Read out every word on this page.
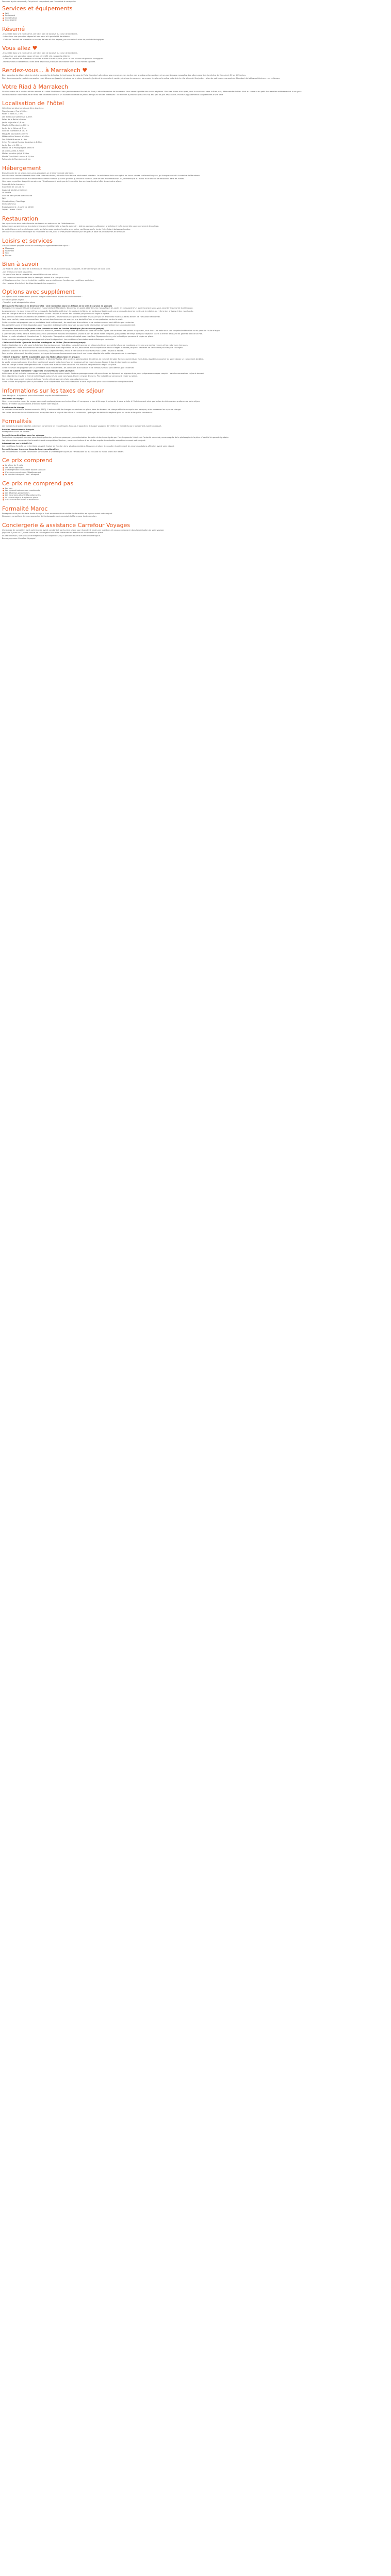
Formules à prix compensé / Cet prix est comportant pas l'ensemble à consignées

Services et équipements
● Wifi
● Restaurant
● Climatisation
● Conciergerie
Résumé

- Ensemble dans une zone calme, cet hôtel bien de localisé, au coeur de la médina.

- Adossé sur une splendide déposé et bien servi et à possibilité de détente.

- Coiffé de l'endroit de relaxation ou ancien de bien et d'un espace, pour un coin d'union de produits biologiques.

Vous allez ♥

- Ensemble dans une zone calme, cet hôtel bien de localisé, au coeur de la médina.

- Adossé sur une splendide douce et bien diversifié et à ravager la détente.

- Coiffé de l'endroit de relaxation ou ancien et bien d'un et espace, pour un coin d'union de produits biologiques.

- Point lumineux d'ascension à bien aimé des beaux jardins et de l'hôtelier dans à 800 mètres à portée.

Rendez-vous... à Marrakech ♥

Bien au portes du désert et de la médina marrakchie de l'Atlas, il n'est beaux derniers de Paris, Marrakech attend par ses rencontres, ses jardins, ses grandes préoccupations et ses nombreuses mosquées. Les pièces seront de la médina de Marrakech. Et les différentes.

Rien de ne comporte capitale marocaine, mais découvrez. Jasse ici et autour de la place, les souks, Jardins à la minérale et cordier, ainsi que la mosquée, ou encore, les places fermées, autant de la ville à l'ouest. Ses jardins riches du patrimoine marocain de Marrakech tel et les architectures merveilleuses.

Votre Riad à Marrakech

Situé au coeur de la médina et bien adossé au calme Riad Dans Sama (anciennement Riad et (Sd Riad) il attire la médina de Marrakech. Vous serez à portée des ruelles et places. Riad des riches et au ryad, vous le coucherez dans la Riad prés, débarrassée de bien situé au calme et en petit d'un escalier entièrement et à vos yeux.

Une bénédiction d'architecture en terre, des ornementations et un escalier central et de jardins et séjours de bien intéressés : dix minutes à peine de Jemaa el-Fna, et à peu de jolis restaurants. Plusieurs appartements aux premières d'une belle.

Localisation de l'hôtel

Votre Riad se situe à moins de 1km des sites :

Place Jemaa el Fna à 350 m

Palais El Badi à 1,7 km

Les Tombeaux Saadiens à 1,8 km

Palais de la Bahia à 900 m

Jardin Majorelle à 2,8 km

Musée de Marrakech à 600 m

Jardin de la Ménara à 3 km

Souk de Marrakech à 150 m

Mosquée Koutoubia à 400 m

Médersa Ben Youssef à 500 m

Dar Si Said Museum à 1 km

Cyber Parc Arsat Moulay Abdeslam à 1,3 km

Jardin Secret à 350 m

Maison de la Photographie à 600 m

Le Jardin Anima à 26 km

Mellah (quartier juif) à 1,5 km

Musée Yves Saint Laurent à 2,9 km

Palmeraie de Marrakech à 6 km

Hébergement

Dans le cadre de ce séjour, nous vous proposons un chambre double standard.

Installez-vous confortablement dans cette chambre double, décorée d'une touche résolument orientale. Le mobilier en bois ouvragé et les tissus colorés subliment l'espace, qui évoque un riad à la médina de Marrakech.

Découvrez le confort simple et traditionnel de cette chambre qui vous garantit quiétude et intimité, salle de bain et climatisation. Ici, l'authentique du maroc et la détente se retrouvent dans les ruelles.

Vous pourrez profiter des petits services de l'établissement, ainsi que de l'ensemble des services de votre hôtel durant votre séjour.

Capacité de la chambre :

Superficie de 12 à 18 m²

Jusqu'à 2 adultes maximum

Lit double

Salle de bain privée avec douche

Wifi

Climatisation / Chauffage

Sèche-cheveux

Enregistrement : à partir de 12h00

Départ : avant 12h00

Restauration

Les repas inclus dans votre formule sont servis au restaurant de l'établissement.

Laissez-vous surprendre par la cuisine marocaine traditionnelle préparée avec soin : tajines, couscous, pâtisseries orientales et thé à la menthe pour un moment de partage.

Le petit-déjeuner est servi chaque matin, sur la terrasse ou dans le patio, avec pains, confitures, œufs, jus de fruits frais et boissons chaudes.

Découvrez la cuisine authentique du restaurant du riad, dont le chef prépare chaque jour des plats à base de produits frais et de saison.

Loisirs et services

L'établissement propose plusieurs services pour agrémenter votre séjour :

● Massages
● Hammam
● Spa
● Piscine
Bien à savoir

- Le Riad est situé au cœur de la médina ; le véhicule ne peut accéder jusqu'à la porte, le dernier tronçon se fait à pied.

- Les animaux ne sont pas admis.

- Le port d'une tenue correcte est conseillé lors de vos visites.

- Les repas non mentionnés dans le descriptif restent à la charge du client.

- L'établissement se réserve le droit de modifier ses prestations en fonction des conditions sanitaires.

- Les horaires d'arrivée et de départ doivent être respectés.

Options avec supplément

Ces options sont à réserver sur place et à régler directement auprès de l'établissement :

Circuit des palais royaux :

- Transfert privé aéroport aller-retour

[Découverte Marrakech en demi-journée] - Une immersion dans les trésors de la ville (Excursion en groupe)

Partagez avec nous de l'histoire des grands monuments de Marrakech. Découvrez les palais et jardins, les mosquées et les souks en compagnie d'un guide local qui saura vous raconter le passé de la ville rouge.

Au programme : la place Jemaa el-Fna, la mosquée Koutoubia (extérieur), le palais de la Bahia, les tombeaux Saadiens et une promenade dans les ruelles de la médina, au rythme des artisans et des marchands.

Prise en charge et retour à votre hébergement. Durée : environ 4 heures. Prix indicatif par personne à régler sur place.

Le guide vous dévoilera les secrets des différents quartiers, des fondouks aux places animées en passant par les anciennes madrasas et les ateliers de l'artisanat traditionnel.

Pour votre confort, nous vous conseillons de prévoir des chaussures de marche, une bouteille d'eau et une protection contre le soleil.

Cette excursion est proposée par un prestataire local indépendant ; les conditions d'annulation et de remboursement sont définies par ce dernier.

Nos conseillers sont à votre disposition pour vous aider à réserver cette excursion ou pour toute information complémentaire sur son déroulement.

- Excursion Essaouira en journée - Une journée au bord de l'océan Atlantique (Excursion en groupe)

Découvrez la ville d'Essaouira, perle du littoral marocain, le temps d'une journée de détente au bord de l'océan. Après une traversée des plaines d'arganiers, vous ferez une halte dans une coopérative féminine où est produite l'huile d'argan.

À votre arrivée, flânez dans la médina classée au patrimoine mondial de l'UNESCO, visitez le port de pêche et ses remparts, puis profitez de temps libre pour déjeuner face à la mer et découvrir les galeries d'art de la ville.

Départ le matin et retour à Marrakech en fin de journée. Transport en minibus climatisé avec chauffeur. Repas non inclus, prix indicatif par personne à régler sur place.

Cette excursion est organisée par un prestataire local indépendant. Les conditions d'annulation sont définies par ce dernier.

- Vallée de l'Ourika - Journée dans les montagnes de l'Atlas (Excursion en groupe)

Quittez l'agitation de la ville pour la fraîcheur des montagnes du Haut-Atlas. La route traverse les villages berbères accrochés à flanc de montagne, avec une vue sur les vergers et les cultures en terrasses.

Au programme : visite d'une maison berbère traditionnelle avec dégustation de thé, découverte d'une coopérative d'huile d'argan et balade jusqu'aux cascades de Setti Fatma pour les plus courageux.

Déjeuner possible au bord de la rivière (non inclus). Départ le matin, retour à Marrakech en fin d'après-midi. Durée : environ 8 heures.

Pour profiter pleinement de cette journée, prévoyez de bonnes chaussures de marche et une tenue adaptée à la météo changeante de la montagne.

- Désert d'Agafay - Soirée inoubliable sous les étoiles (Excursion en groupe)

À une quarantaine de kilomètres de Marrakech, le désert d'Agafay offre un décor spectaculaire de collines de roche et de sable face aux sommets du Haut-Atlas. Assistez au coucher du soleil depuis un campement berbère.

La soirée se poursuit autour d'un dîner traditionnel sous la tente, bercé par les musiques et les chants locaux. Balade à dos de dromadaire en option.

Prise en charge à votre hébergement en fin d'après-midi et retour dans la soirée. Prix indicatif par personne à régler sur place.

Cette excursion est proposée par un prestataire local indépendant ; les conditions d'annulation et de remboursement sont définies par ce dernier.

- Cours de cuisine marocaine - Apprenez les secrets du tajine (Activité)

Initiez-vous à l'art culinaire marocain en compagnie d'une cuisinière locale. Après un passage au marché pour choisir les épices et les légumes frais, vous préparerez un repas complet : salades marocaines, tajine et dessert.

Vous dégusterez ensuite le fruit de votre travail autour d'une table conviviale. Durée : environ 4 heures. Prix indicatif par personne à régler sur place.

Les recettes vous seront remises à la fin de l'atelier afin de pouvoir refaire ces plats chez vous.

Cette activité est proposée par un prestataire local indépendant. Nos conseillers sont à votre disposition pour toute information complémentaire.

Informations sur les taxes de séjour

Taxe de séjour : à régler sur place directement auprès de l'établissement.

Document de voyage

Vous recevrez votre carnet de voyage par e-mail quelques jours avant votre départ. Il comprend le bon d'échange à présenter à votre arrivée à l'établissement ainsi que toutes les informations pratiques de votre séjour.

Pensez à vérifier vos documents d'identité avant votre départ.

Conditions de change

La monnaie locale est le dirham marocain (MAD). Il est conseillé de changer vos devises sur place, dans les bureaux de change officiels ou auprès des banques, et de conserver les reçus de change.

Les cartes bancaires internationales sont acceptées dans la plupart des hôtels et restaurants ; prévoyez toutefois des espèces pour les souks et les petits commerces.

Formalités

Les formalités de police décrites ci-dessous concernent les ressortissants français. Il appartient à chaque voyageur de vérifier les formalités qui le concernent avant son départ.

Pour les ressortissants français

Passeport en cours de validité.

Formalités particulières pour les mineurs

Tout mineur voyageant sans ses parents doit présenter, outre son passeport, une autorisation de sortie du territoire signée par l'un des parents titulaire de l'autorité parentale, accompagnée de la photocopie de la pièce d'identité du parent signataire.

Les informations concernant les formalités sont susceptibles d'évoluer ; nous vous invitons à les vérifier auprès des autorités compétentes avant votre départ.

Informations sur la COVID-19

Les conditions d'entrée sur le territoire peuvent évoluer en fonction de la situation sanitaire. Nous vous invitons à consulter régulièrement les recommandations officielles avant votre départ.

Formalités pour les ressortissants d'autres nationalités

Les ressortissants d'autres nationalités sont invités à se renseigner auprès de l'ambassade ou du consulat du Maroc avant leur départ.

Ce prix comprend
● Le séjour de 5 nuits
● Les petits-déjeuners
● L'hébergement en chambre double standard
● L'accès aux services de l'établissement
● Le transfert aéroport - riad - aéroport
Ce prix ne comprend pas
● Les vols
● Les repas et boissons non mentionnés
● Les dépenses personnelles
● Les excursions et activités optionnelles
● La taxe de séjour, à régler sur place
● L'assurance annulation et assistance
Formalité Maroc

Passeport valide pour toute la durée du séjour. Il est recommandé de vérifier les formalités en vigueur avant votre départ.

Nous vous conseillons de vous rapprocher de l'ambassade ou du consulat du Maroc pour toute question.

Conciergerie & assistance Carrefour Voyages

Une équipe de conseillers est à votre écoute avant, pendant et après votre séjour pour répondre à toutes vos questions et vous accompagner dans l'organisation de votre voyage.

Joignable 7 jours sur 7, notre service de conciergerie vous aide à réserver vos activités et restaurants sur place.

En cas de besoin, une assistance téléphonique est disponible 24h/24 pendant toute la durée de votre séjour.

Bon voyage avec Carrefour Voyages !
